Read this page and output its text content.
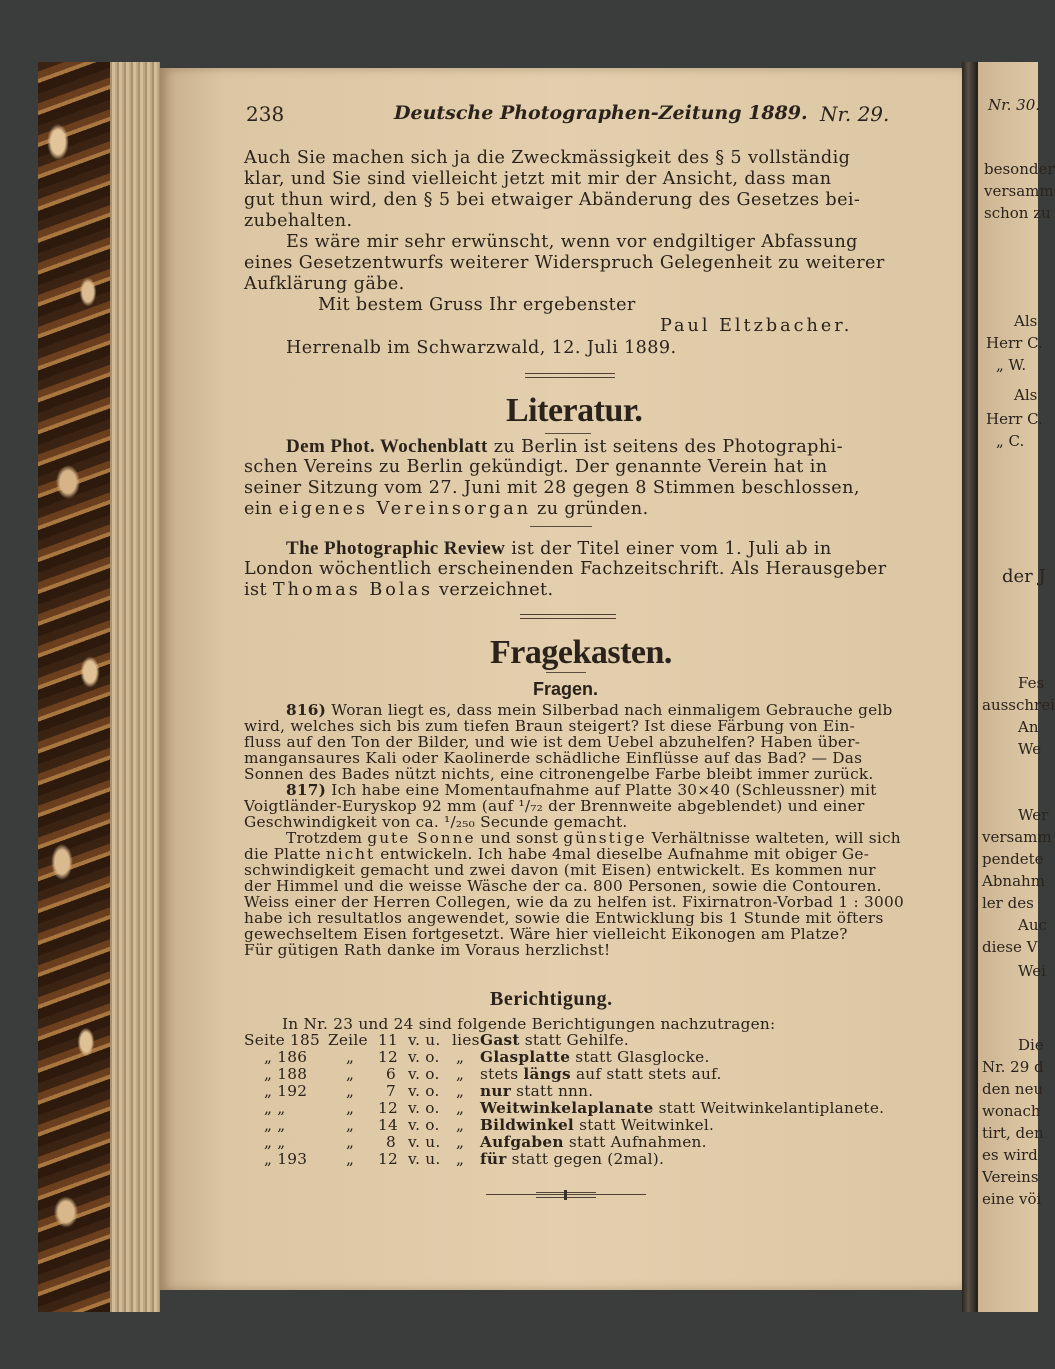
238	Deutsche Photographen-Zeitung 1889. Nr. 29.
Auch Sie machen sich ja die Zweckmässigkeit des § 5 vollständig
klar, und Sie sind vielleicht jetzt mit mir der Ansicht, dass man
gut thun wird, den § 5 bei etwaiger Abänderung des Gesetzes bei-
zubehalten.
Es wäre mir sehr erwünscht, wenn vor endgiltiger Abfassung
eines Gesetzentwurfs weiterer Widerspruch Gelegenheit zu weiterer
Aufklärung gäbe.
Mit bestem Gruss Ihr ergebenster
Paul Eltzbacher.
Herrenalb im Schwarzwald, 12. Juli 1889.
Literatur.
Dem Phot. Wochenblatt zu Berlin ist seitens des Photographi-
schen Vereins zu Berlin gekündigt. Der genannte Verein hat in
seiner Sitzung vom 27. Juni mit 28 gegen 8 Stimmen beschlossen,
ein eigenes Vereinsorgan zu gründen.
The Photographic Review ist der Titel einer vom 1. Juli ab in
London wöchentlich erscheinenden Fachzeitschrift. Als Herausgeber
ist Thomas Bolas verzeichnet.
Fragekasten.
Fragen.
816) Woran liegt es, dass mein Silberbad nach einmaligem Gebrauche gelb
wird, welches sich bis zum tiefen Braun steigert? Ist diese Färbung von Ein-
fluss auf den Ton der Bilder, und wie ist dem Uebel abzuhelfen? Haben über-
mangansaures Kali oder Kaolinerde schädliche Einflüsse auf das Bad? — Das
Sonnen des Bades nützt nichts, eine citronengelbe Farbe bleibt immer zurück.
817) Ich habe eine Momentaufnahme auf Platte 30×40 (Schleussner) mit
Voigtländer-Euryskop 92 mm (auf ¹/₇₂ der Brennweite abgeblendet) und einer
Geschwindigkeit von ca. ¹/₂₅₀ Secunde gemacht.
Trotzdem gute Sonne und sonst günstige Verhältnisse walteten, will sich
die Platte nicht entwickeln. Ich habe 4mal dieselbe Aufnahme mit obiger Ge-
schwindigkeit gemacht und zwei davon (mit Eisen) entwickelt. Es kommen nur
der Himmel und die weisse Wäsche der ca. 800 Personen, sowie die Contouren.
Weiss einer der Herren Collegen, wie da zu helfen ist. Fixirnatron-Vorbad 1 : 3000
habe ich resultatlos angewendet, sowie die Entwicklung bis 1 Stunde mit öfters
gewechseltem Eisen fortgesetzt. Wäre hier vielleicht Eikonogen am Platze?
Für gütigen Rath danke im Voraus herzlichst!
Berichtigung.
In Nr. 23 und 24 sind folgende Berichtigungen nachzutragen:
Seite 185 Zeile 11 v. u. lies Gast statt Gehilfe.
„ 186	„ 12 v. o. „ Glasplatte statt Glasglocke.
„ 188	„ 6 v. o. „ stets längs auf statt stets auf.
„ 192	„ 7 v. o. „ nur statt nnn.
„ „	„ 12 v. o. „ Weitwinkelaplanate statt Weitwinkelantiplanete.
„ „	„ 14 v. o. „ Bildwinkel statt Weitwinkel.
„ „	„ 8 v. u. „ Aufgaben statt Aufnahmen.
„ 193	„ 12 v. u. „ für statt gegen (2mal).
Nr. 30.
besonder
versamm
schon zu
Als
Herr C.
„ W.
Als
Herr C.
„ C.
der J
Fes
ausschrei
An
We
Wer
versamm
pendete
Abnahm
ler des
Auc
diese V
Wei
Die
Nr. 29 d
den neu
wonach
tirt, den
es wird
Vereins
eine vöi
